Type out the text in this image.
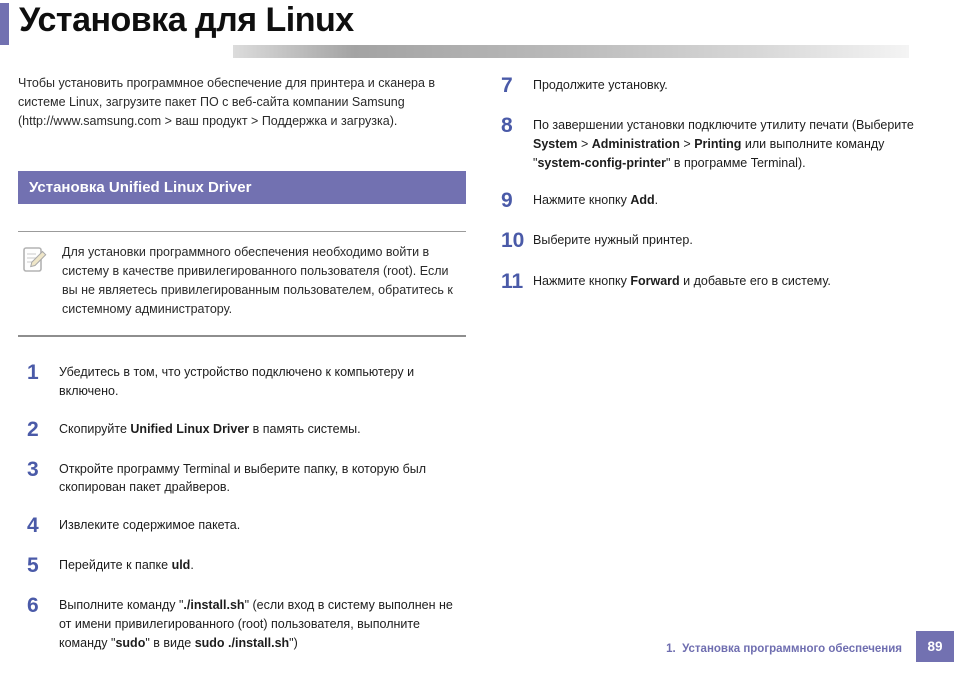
Установка для Linux

Чтобы установить программное обеспечение для принтера и сканера в системе Linux, загрузите пакет ПО с веб-сайта компании Samsung (http://www.samsung.com > ваш продукт > Поддержка и загрузка).

Установка Unified Linux Driver

Для установки программного обеспечения необходимо войти в систему в качестве привилегированного пользователя (root). Если вы не являетесь привилегированным пользователем, обратитесь к системному администратору.

1	Убедитесь в том, что устройство подключено к компьютеру и включено.

2	Скопируйте Unified Linux Driver в память системы.

3	Откройте программу Terminal и выберите папку, в которую был скопирован пакет драйверов.

4	Извлеките содержимое пакета.

5	Перейдите к папке uld.

6	Выполните команду "./install.sh" (если вход в систему выполнен не от имени привилегированного (root) пользователя, выполните команду "sudo" в виде sudo ./install.sh")

7	Продолжите установку.

8	По завершении установки подключите утилиту печати (Выберите System > Administration > Printing или выполните команду "system-config-printer" в программе Terminal).

9	Нажмите кнопку Add.

10 Выберите нужный принтер.

11 Нажмите кнопку Forward и добавьте его в систему.

1.  Установка программного обеспечения	89
